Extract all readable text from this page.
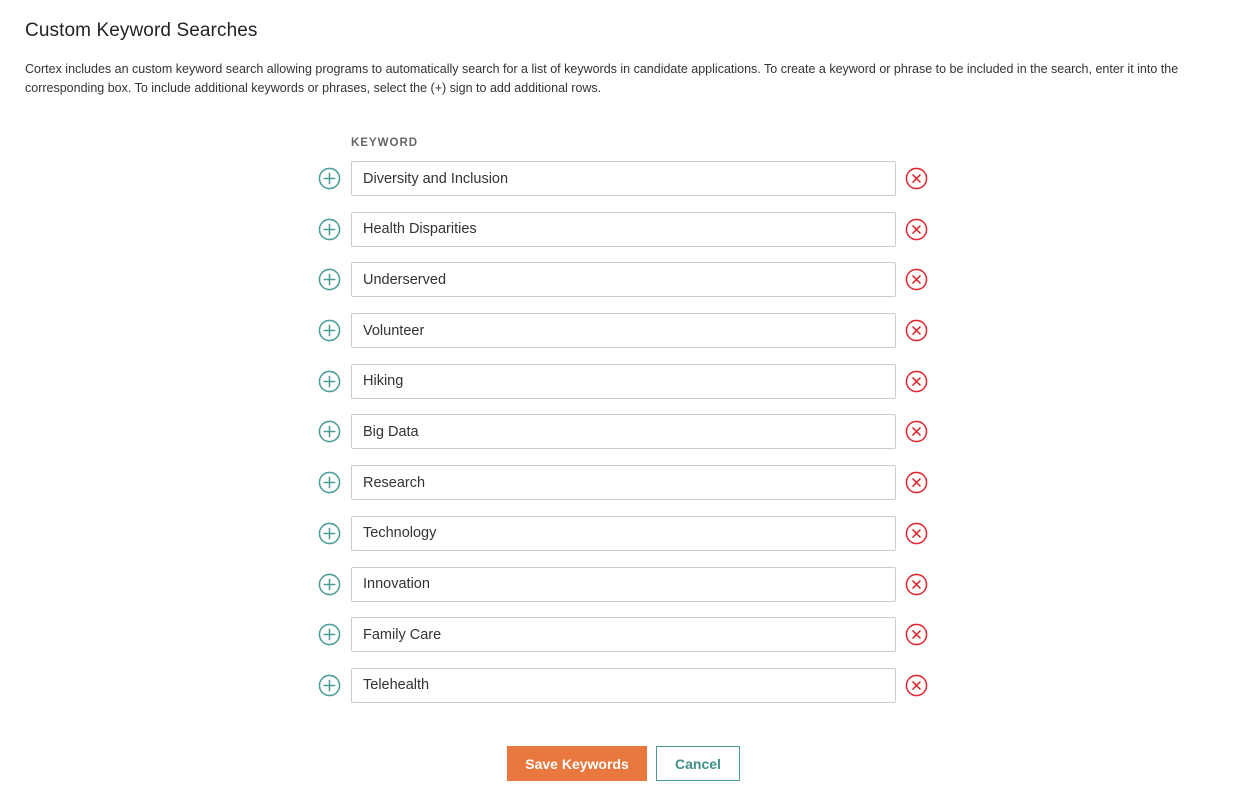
Custom Keyword Searches

Cortex includes an custom keyword search allowing programs to automatically search for a list of keywords in candidate applications. To create a keyword or phrase to be included in the search, enter it into the corresponding box. To include additional keywords or phrases, select the (+) sign to add additional rows.

KEYWORD
Diversity and Inclusion
Health Disparities
Underserved
Volunteer
Hiking
Big Data
Research
Technology
Innovation
Family Care
Telehealth
Save Keywords	Cancel
